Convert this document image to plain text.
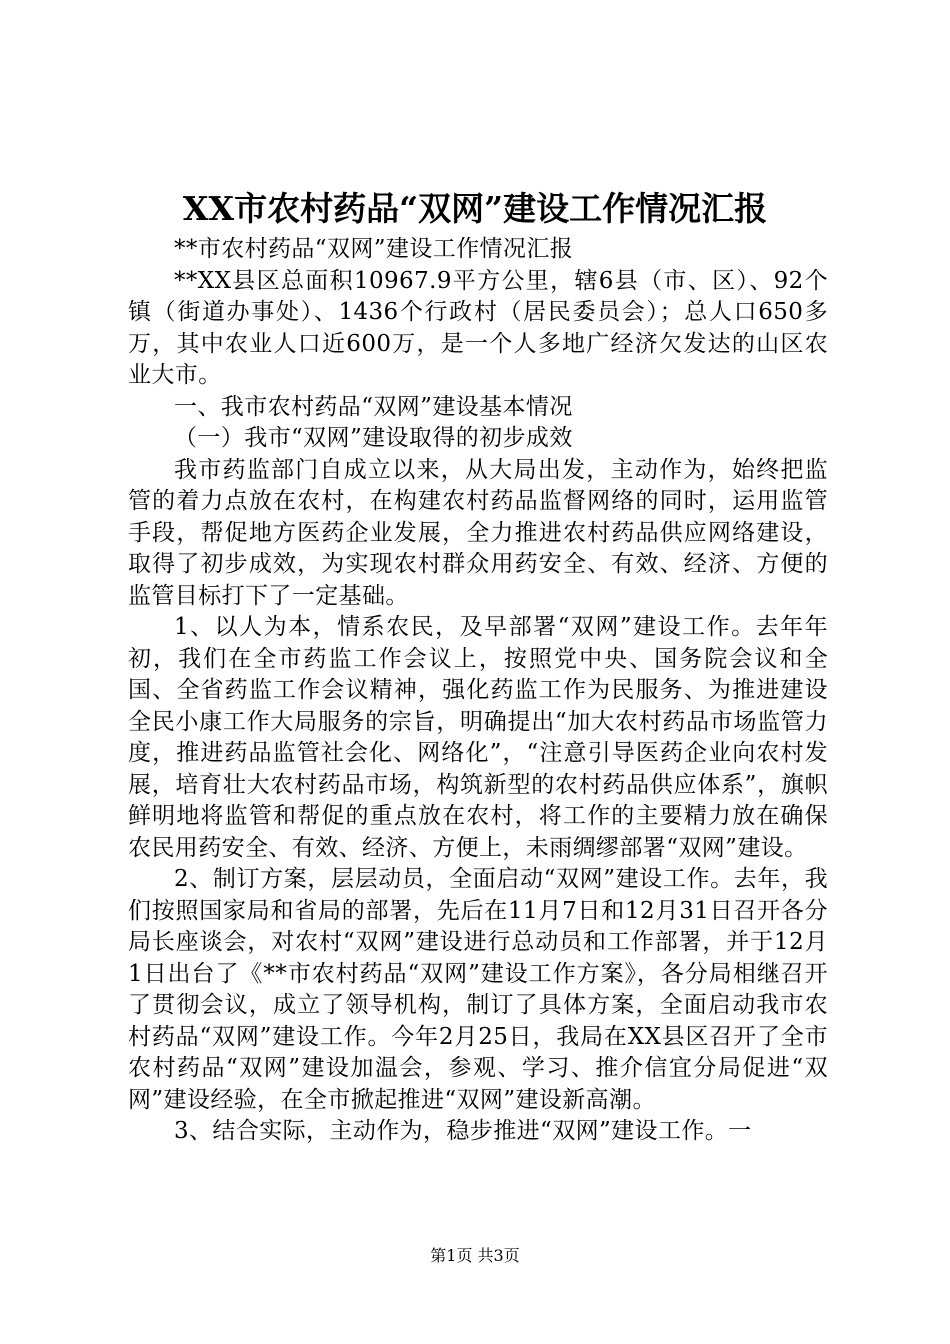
XX市农村药品“双网”建设工作情况汇报

**市农村药品“双网”建设工作情况汇报

**XX县区总面积10967.9平方公里，辖6县（市、区）、92个镇（街道办事处）、1436个行政村（居民委员会）；总人口650多万，其中农业人口近600万，是一个人多地广经济欠发达的山区农业大市。

一、我市农村药品“双网”建设基本情况

（一）我市“双网”建设取得的初步成效

我市药监部门自成立以来，从大局出发，主动作为，始终把监管的着力点放在农村，在构建农村药品监督网络的同时，运用监管手段，帮促地方医药企业发展，全力推进农村药品供应网络建设，取得了初步成效，为实现农村群众用药安全、有效、经济、方便的监管目标打下了一定基础。

1、以人为本，情系农民，及早部署“双网”建设工作。去年年初，我们在全市药监工作会议上，按照党中央、国务院会议和全国、全省药监工作会议精神，强化药监工作为民服务、为推进建设全民小康工作大局服务的宗旨，明确提出“加大农村药品市场监管力度，推进药品监管社会化、网络化”，“注意引导医药企业向农村发展，培育壮大农村药品市场，构筑新型的农村药品供应体系”，旗帜鲜明地将监管和帮促的重点放在农村，将工作的主要精力放在确保农民用药安全、有效、经济、方便上，未雨绸缪部署“双网”建设。

2、制订方案，层层动员，全面启动“双网”建设工作。去年，我们按照国家局和省局的部署，先后在11月7日和12月31日召开各分局长座谈会，对农村“双网”建设进行总动员和工作部署，并于12月1日出台了《**市农村药品“双网”建设工作方案》，各分局相继召开了贯彻会议，成立了领导机构，制订了具体方案，全面启动我市农村药品“双网”建设工作。今年2月25日，我局在XX县区召开了全市农村药品“双网”建设加温会，参观、学习、推介信宜分局促进“双网”建设经验，在全市掀起推进“双网”建设新高潮。

3、结合实际，主动作为，稳步推进“双网”建设工作。一

第1页 共3页
